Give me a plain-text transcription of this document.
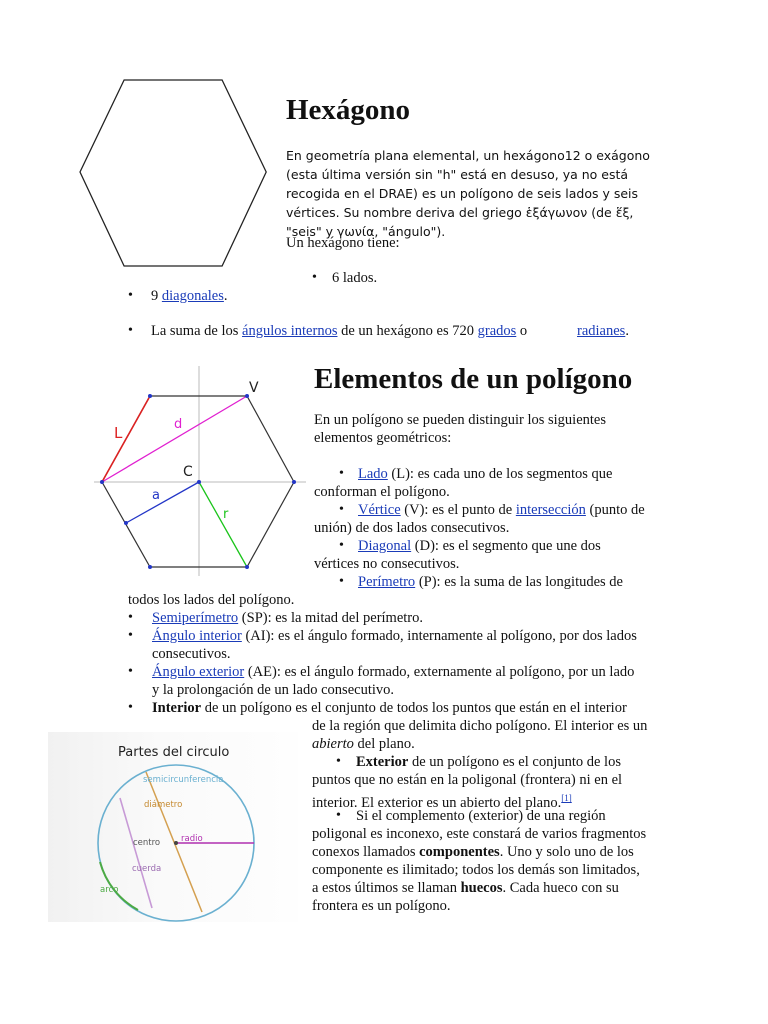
Hexágono
En geometría plana elemental, un hexágono12 o exágono (esta última versión sin "h" está en desuso, ya no está recogida en el DRAE) es un polígono de seis lados y seis vértices. Su nombre deriva del griego ἑξάγωνον (de ἕξ, "seis" y γωνία, "ángulo").
Un hexágono tiene:
•
6 lados.
•
9 diagonales.
•
La suma de los ángulos internos de un hexágono es 720 grados o	radianes.
V
L	d
C
a
r
Elementos de un polígono
En un polígono se pueden distinguir los siguientes elementos geométricos:
•
Lado (L): es cada uno de los segmentos que conforman el polígono.
•
Vértice (V): es el punto de intersección (punto de unión) de dos lados consecutivos.
•
Diagonal (D): es el segmento que une dos vértices no consecutivos.
•
Perímetro (P): es la suma de las longitudes de
todos los lados del polígono.
•
Semiperímetro (SP): es la mitad del perímetro.
•
Ángulo interior (AI): es el ángulo formado, internamente al polígono, por dos lados
consecutivos.
•
Ángulo exterior (AE): es el ángulo formado, externamente al polígono, por un lado
y la prolongación de un lado consecutivo.
•
Interior de un polígono es el conjunto de todos los puntos que están en el interior
de la región que delimita dicho polígono. El interior es un
abierto del plano.
•
Exterior de un polígono es el conjunto de los
puntos que no están en la poligonal (frontera) ni en el
interior. El exterior es un abierto del plano.[1]
•
Si el complemento (exterior) de una región
poligonal es inconexo, este constará de varios fragmentos
conexos llamados componentes. Uno y solo uno de los
componente es ilimitado; todos los demás son limitados,
a estos últimos se llaman huecos. Cada hueco con su
frontera es un polígono.
Partes del circulo
semicircunferencia
diámetro
centro radio
cuerda
arco
